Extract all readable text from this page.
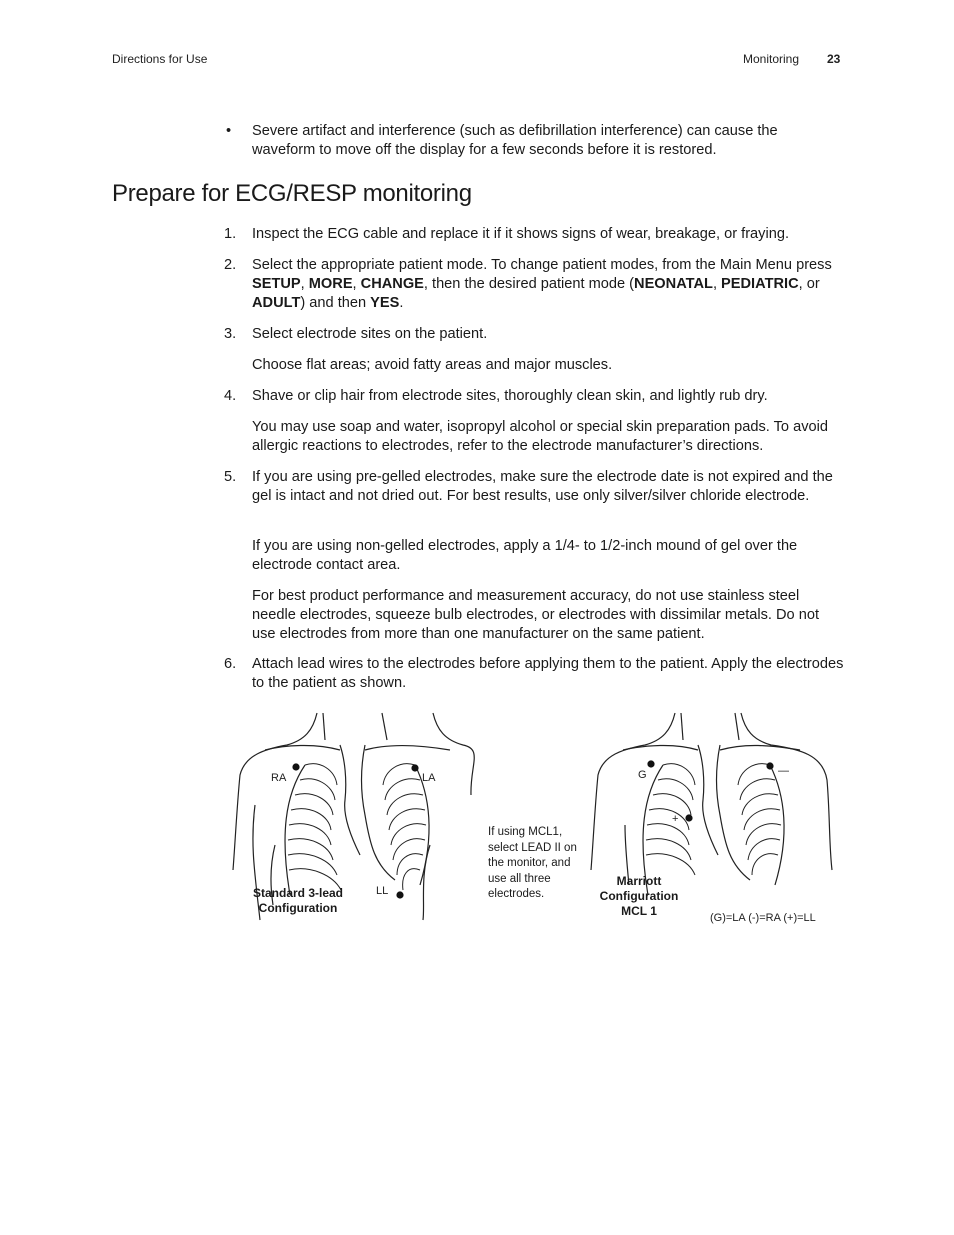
Directions for Use	Monitoring 23
• Severe artifact and interference (such as defibrillation interference) can cause the waveform to move off the display for a few seconds before it is restored.
Prepare for ECG/RESP monitoring
1. Inspect the ECG cable and replace it if it shows signs of wear, breakage, or fraying.
2. Select the appropriate patient mode. To change patient modes, from the Main Menu press SETUP, MORE, CHANGE, then the desired patient mode (NEONATAL, PEDIATRIC, or ADULT) and then YES.
3. Select electrode sites on the patient.
Choose flat areas; avoid fatty areas and major muscles.
4. Shave or clip hair from electrode sites, thoroughly clean skin, and lightly rub dry.
You may use soap and water, isopropyl alcohol or special skin preparation pads. To avoid allergic reactions to electrodes, refer to the electrode manufacturer’s directions.
5. If you are using pre-gelled electrodes, make sure the electrode date is not expired and the gel is intact and not dried out. For best results, use only silver/silver chloride electrode.
If you are using non-gelled electrodes, apply a 1/4- to 1/2-inch mound of gel over the electrode contact area.
For best product performance and measurement accuracy, do not use stainless steel needle electrodes, squeeze bulb electrodes, or electrodes with dissimilar metals. Do not use electrodes from more than one manufacturer on the same patient.
6. Attach lead wires to the electrodes before applying them to the patient. Apply the electrodes to the patient as shown.
RA	LA
LL
Standard 3-lead
Configuration
If using MCL1, select LEAD II on the monitor, and use all three electrodes.
G	—
+
Marriott
Configuration
MCL 1	(G)=LA (-)=RA (+)=LL
